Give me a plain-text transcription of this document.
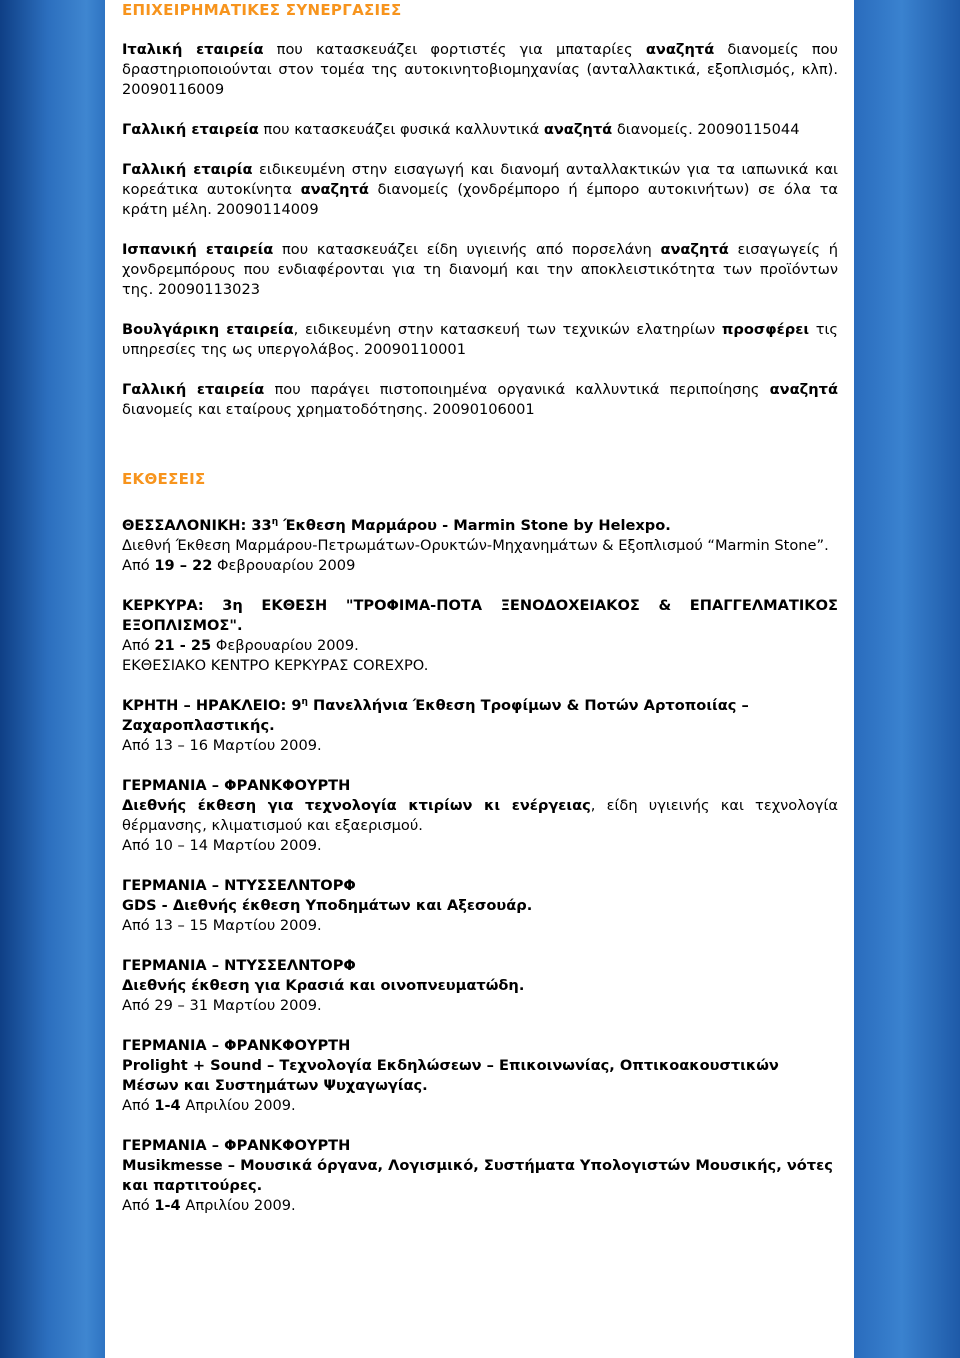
ΕΠΙΧΕΙΡΗΜΑΤΙΚΕΣ ΣΥΝΕΡΓΑΣΙΕΣ

Ιταλική εταιρεία που κατασκευάζει φορτιστές για μπαταρίες αναζητά διανομείς που δραστηριοποιούνται στον τομέα της αυτοκινητοβιομηχανίας (ανταλλακτικά, εξοπλισμός, κλπ). 20090116009

Γαλλική εταιρεία που κατασκευάζει φυσικά καλλυντικά αναζητά διανομείς. 20090115044

Γαλλική εταιρία ειδικευμένη στην εισαγωγή και διανομή ανταλλακτικών για τα ιαπωνικά και κορεάτικα αυτοκίνητα αναζητά διανομείς (χονδρέμπορο ή έμπορο αυτοκινήτων) σε όλα τα κράτη μέλη. 20090114009

Ισπανική εταιρεία που κατασκευάζει είδη υγιεινής από πορσελάνη αναζητά εισαγωγείς ή χονδρεμπόρους που ενδιαφέρονται για τη διανομή και την αποκλειστικότητα των προϊόντων της. 20090113023

Βουλγάρικη εταιρεία, ειδικευμένη στην κατασκευή των τεχνικών ελατηρίων προσφέρει τις υπηρεσίες της ως υπεργολάβος. 20090110001

Γαλλική εταιρεία που παράγει πιστοποιημένα οργανικά καλλυντικά περιποίησης αναζητά διανομείς και εταίρους χρηματοδότησης. 20090106001

ΕΚΘΕΣΕΙΣ

ΘΕΣΣΑΛΟΝΙΚΗ: $33^\eta$ Έκθεση Μαρμάρου - Marmin Stone by Helexpo.

Διεθνή Έκθεση Μαρμάρου-Πετρωμάτων-Ορυκτών-Μηχανημάτων & Εξοπλισμού “Marmin Stone”.

Από 19 – 22 Φεβρουαρίου 2009

ΚΕΡΚΥΡΑ: 3η ΕΚΘΕΣΗ "ΤΡΟΦΙΜΑ-ΠΟΤΑ ΞΕΝΟΔΟΧΕΙΑΚΟΣ & ΕΠΑΓΓΕΛΜΑΤΙΚΟΣ ΕΞΟΠΛΙΣΜΟΣ".

Από 21 - 25 Φεβρουαρίου 2009.

ΕΚΘΕΣΙΑΚΟ ΚΕΝΤΡΟ ΚΕΡΚΥΡΑΣ COREXPO.

ΚΡΗΤΗ – ΗΡΑΚΛΕΙΟ: $9^\eta$ Πανελλήνια Έκθεση Τροφίμων & Ποτών Αρτοποιίας – Ζαχαροπλαστικής.

Από 13 – 16 Μαρτίου 2009.

ΓΕΡΜΑΝΙΑ – ΦΡΑΝΚΦΟΥΡΤΗ

Διεθνής έκθεση για τεχνολογία κτιρίων κι ενέργειας, είδη υγιεινής και τεχνολογία θέρμανσης, κλιματισμού και εξαερισμού.

Από 10 – 14 Μαρτίου 2009.

ΓΕΡΜΑΝΙΑ – ΝΤΥΣΣΕΛΝΤΟΡΦ

GDS - Διεθνής έκθεση Υποδημάτων και Αξεσουάρ.

Από 13 – 15 Μαρτίου 2009.

ΓΕΡΜΑΝΙΑ – ΝΤΥΣΣΕΛΝΤΟΡΦ

Διεθνής έκθεση για Κρασιά και οινοπνευματώδη.

Από 29 – 31 Μαρτίου 2009.

ΓΕΡΜΑΝΙΑ – ΦΡΑΝΚΦΟΥΡΤΗ

Prolight + Sound – Τεχνολογία Εκδηλώσεων – Επικοινωνίας, Οπτικοακουστικών Μέσων και Συστημάτων Ψυχαγωγίας.

Από 1-4 Απριλίου 2009.

ΓΕΡΜΑΝΙΑ – ΦΡΑΝΚΦΟΥΡΤΗ

Musikmesse – Μουσικά όργανα, Λογισμικό, Συστήματα Υπολογιστών Μουσικής, νότες και παρτιτούρες.

Από 1-4 Απριλίου 2009.
